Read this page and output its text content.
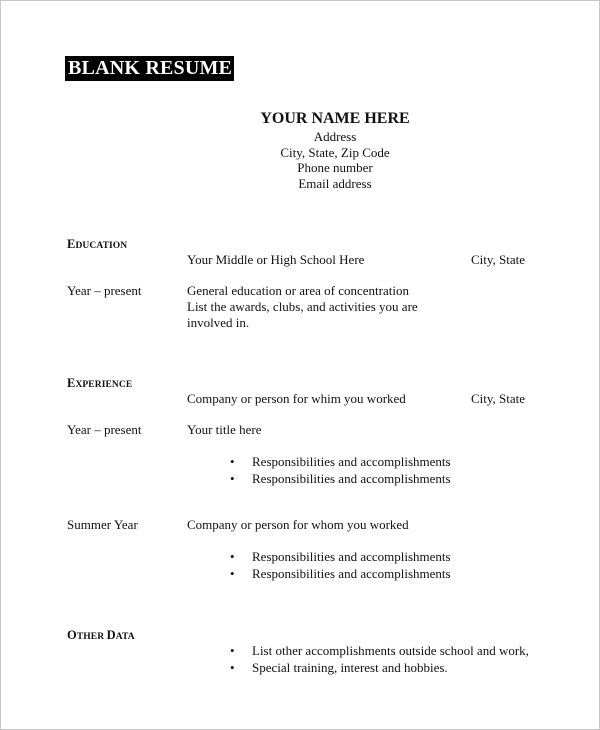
BLANK RESUME
YOUR NAME HERE
Address
City, State, Zip Code
Phone number
Email address
EDUCATION
Your Middle or High School Here	City, State
Year – present	General education or area of concentration
List the awards, clubs, and activities you are
involved in.
EXPERIENCE
Company or person for whim you worked	City, State
Year – present	Your title here
• Responsibilities and accomplishments
• Responsibilities and accomplishments
Summer Year	Company or person for whom you worked
• Responsibilities and accomplishments
• Responsibilities and accomplishments
OTHER DATA
• List other accomplishments outside school and work,
• Special training, interest and hobbies.
